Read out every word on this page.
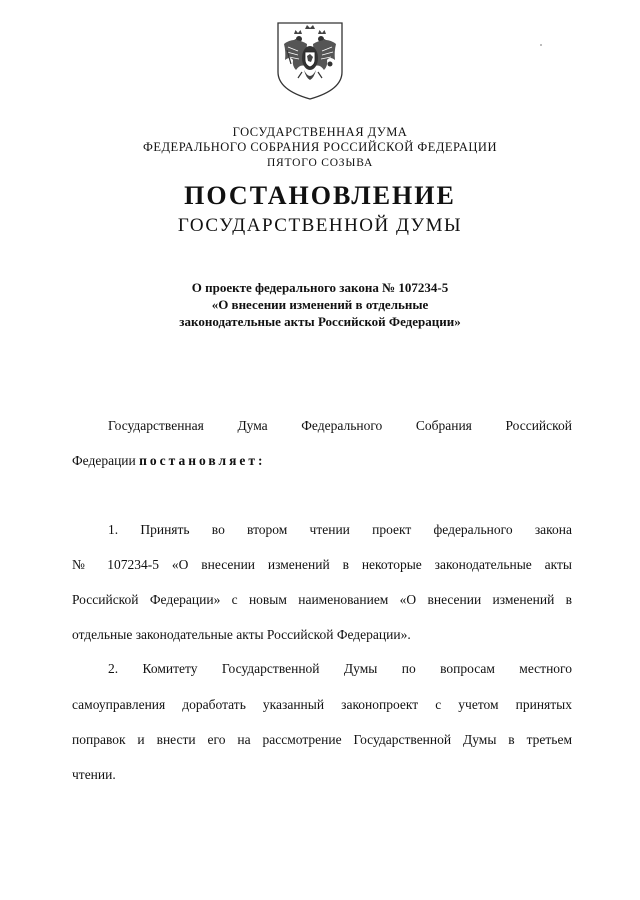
ГОСУДАРСТВЕННАЯ ДУМА
ФЕДЕРАЛЬНОГО СОБРАНИЯ РОССИЙСКОЙ ФЕДЕРАЦИИ
ПЯТОГО СОЗЫВА
ПОСТАНОВЛЕНИЕ
ГОСУДАРСТВЕННОЙ ДУМЫ
О проекте федерального закона № 107234-5
«О внесении изменений в отдельные
законодательные акты Российской Федерации»
Государственная Дума Федерального Собрания Российской
Федерации постановляет:
1. Принять во втором чтении проект федерального закона
№ 107234-5 «О внесении изменений в некоторые законодательные акты
Российской Федерации» с новым наименованием «О внесении изменений в
отдельные законодательные акты Российской Федерации».
2. Комитету Государственной Думы по вопросам местного
самоуправления доработать указанный законопроект с учетом принятых
поправок и внести его на рассмотрение Государственной Думы в третьем
чтении.
